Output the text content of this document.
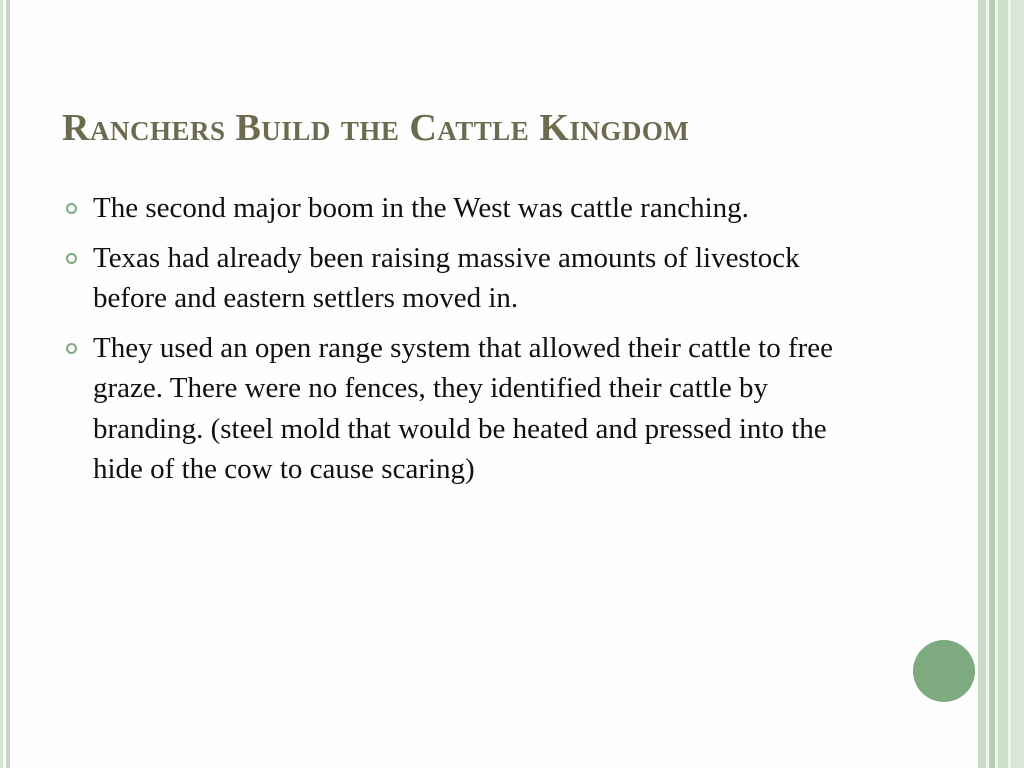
Ranchers Build the Cattle Kingdom
The second major boom in the West was cattle ranching.
Texas had already been raising massive amounts of livestock before and eastern settlers moved in.
They used an open range system that allowed their cattle to free graze. There were no fences, they identified their cattle by branding. (steel mold that would be heated and pressed into the hide of the cow to cause scaring)
